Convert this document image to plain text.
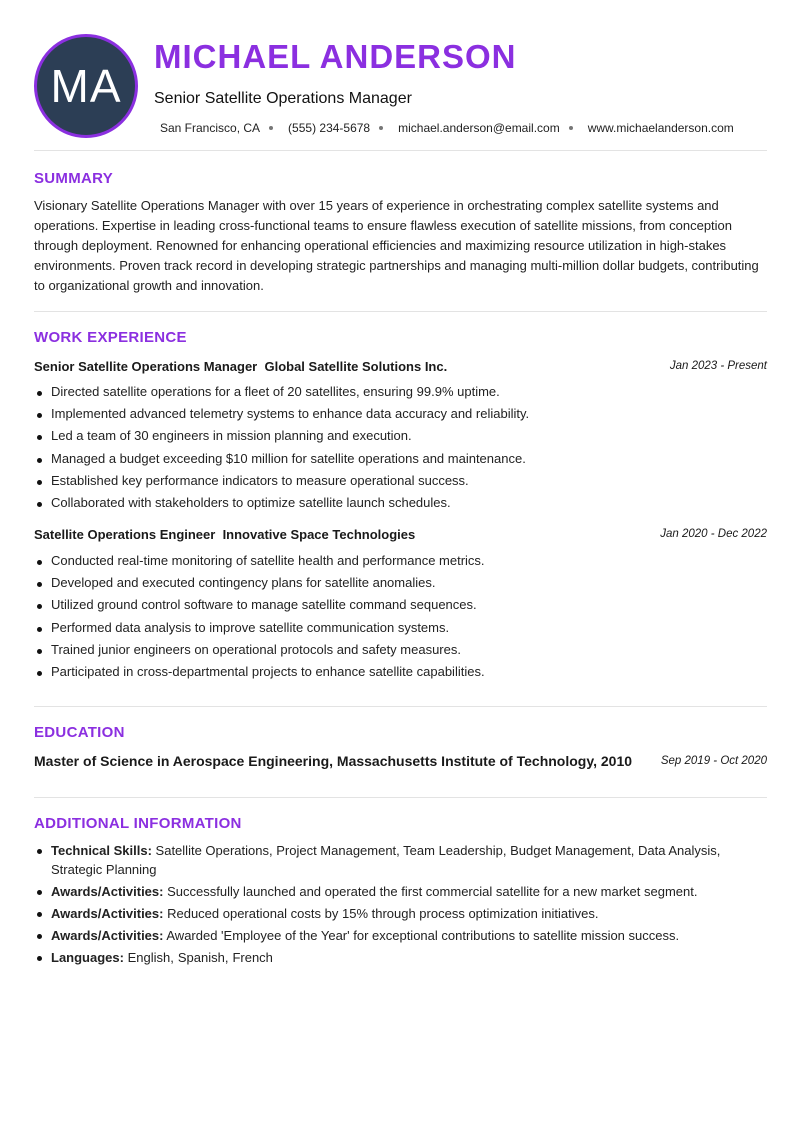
MA
MICHAEL ANDERSON
Senior Satellite Operations Manager
San Francisco, CA (555) 234-5678 michael.anderson@email.com www.michaelanderson.com
SUMMARY
Visionary Satellite Operations Manager with over 15 years of experience in orchestrating complex satellite systems and operations. Expertise in leading cross-functional teams to ensure flawless execution of satellite missions, from conception through deployment. Renowned for enhancing operational efficiencies and maximizing resource utilization in high-stakes environments. Proven track record in developing strategic partnerships and managing multi-million dollar budgets, contributing to organizational growth and innovation.
WORK EXPERIENCE
Senior Satellite Operations Manager Global Satellite Solutions Inc.	Jan 2023 - Present
Directed satellite operations for a fleet of 20 satellites, ensuring 99.9% uptime.
Implemented advanced telemetry systems to enhance data accuracy and reliability.
Led a team of 30 engineers in mission planning and execution.
Managed a budget exceeding $10 million for satellite operations and maintenance.
Established key performance indicators to measure operational success.
Collaborated with stakeholders to optimize satellite launch schedules.
Satellite Operations Engineer Innovative Space Technologies	Jan 2020 - Dec 2022
Conducted real-time monitoring of satellite health and performance metrics.
Developed and executed contingency plans for satellite anomalies.
Utilized ground control software to manage satellite command sequences.
Performed data analysis to improve satellite communication systems.
Trained junior engineers on operational protocols and safety measures.
Participated in cross-departmental projects to enhance satellite capabilities.
EDUCATION
Master of Science in Aerospace Engineering, Massachusetts Institute of Technology, 2010	Sep 2019 - Oct 2020
ADDITIONAL INFORMATION
Technical Skills: Satellite Operations, Project Management, Team Leadership, Budget Management, Data Analysis, Strategic Planning
Awards/Activities: Successfully launched and operated the first commercial satellite for a new market segment.
Awards/Activities: Reduced operational costs by 15% through process optimization initiatives.
Awards/Activities: Awarded 'Employee of the Year' for exceptional contributions to satellite mission success.
Languages: English, Spanish, French
